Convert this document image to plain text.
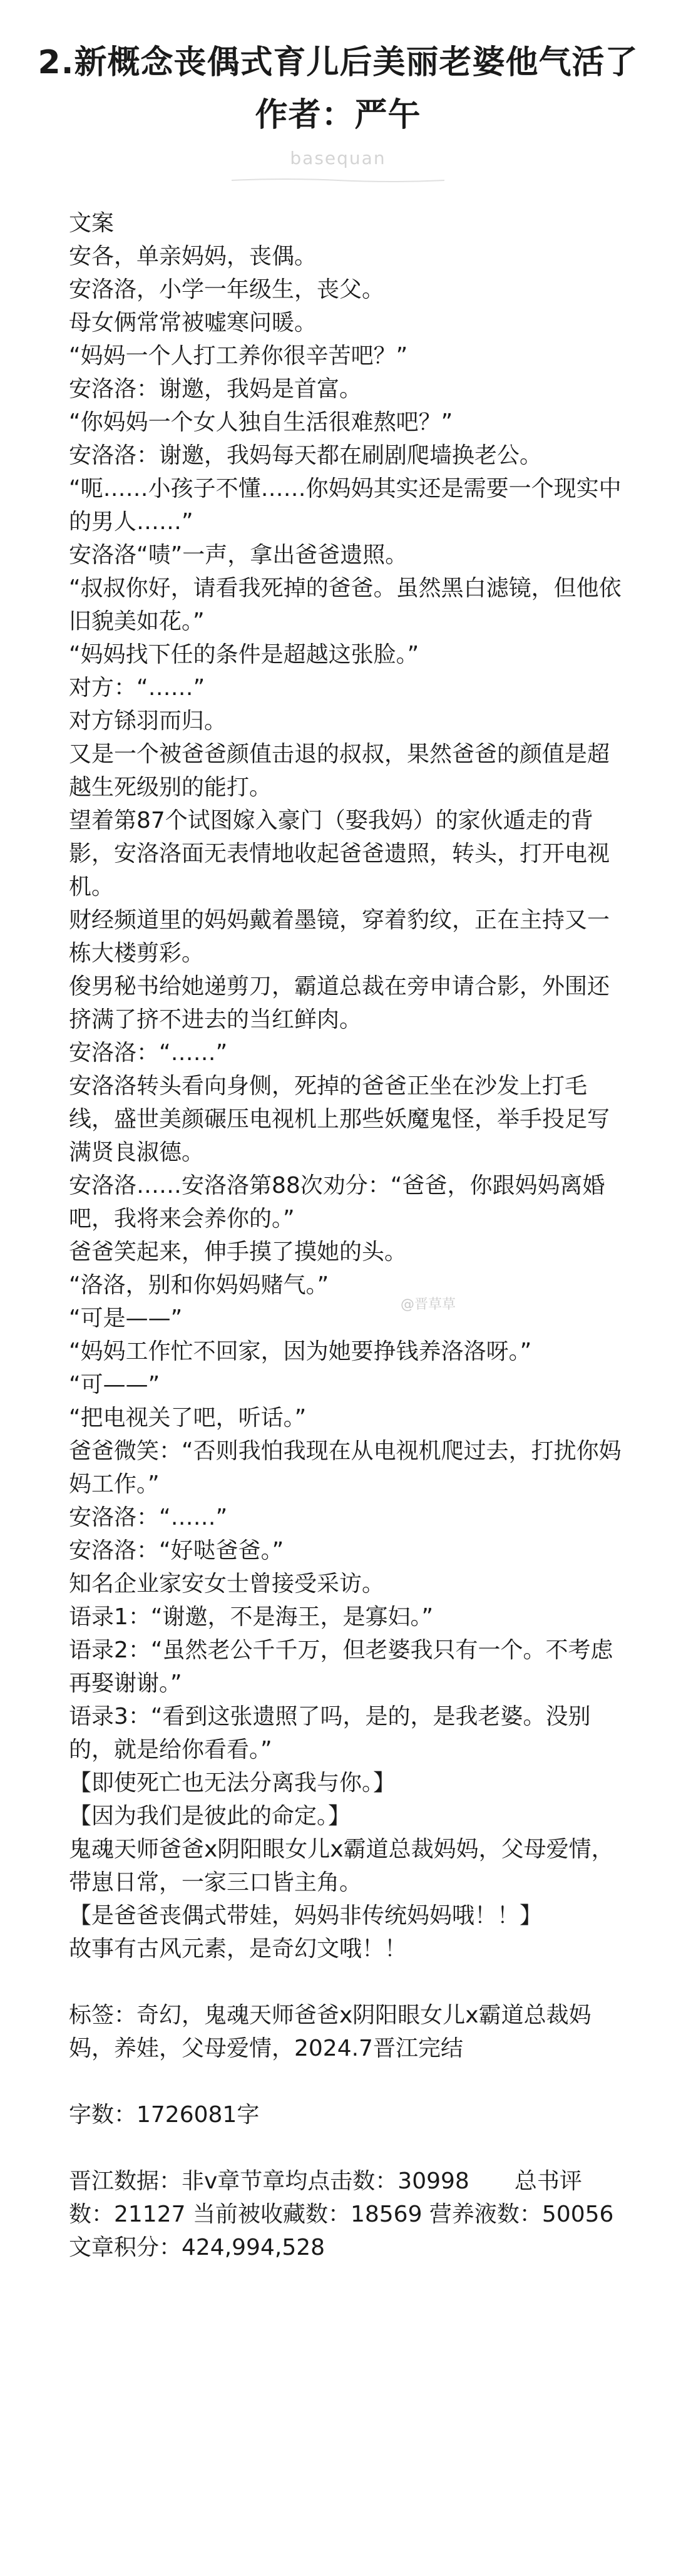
2.新概念丧偶式育儿后美丽老婆他气活了
作者：严午
basequan

文案

安各，单亲妈妈，丧偶。

安洛洛，小学一年级生，丧父。

母女俩常常被嘘寒问暖。

“妈妈一个人打工养你很辛苦吧？”

安洛洛：谢邀，我妈是首富。

“你妈妈一个女人独自生活很难熬吧？”

安洛洛：谢邀，我妈每天都在刷剧爬墙换老公。

“呃……小孩子不懂……你妈妈其实还是需要一个现实中的男人……”

安洛洛“啧”一声，拿出爸爸遗照。

“叔叔你好，请看我死掉的爸爸。虽然黑白滤镜，但他依旧貌美如花。”

“妈妈找下任的条件是超越这张脸。”

对方：“……”

对方铩羽而归。

又是一个被爸爸颜值击退的叔叔，果然爸爸的颜值是超越生死级别的能打。

望着第87个试图嫁入豪门（娶我妈）的家伙遁走的背影，安洛洛面无表情地收起爸爸遗照，转头，打开电视机。

财经频道里的妈妈戴着墨镜，穿着豹纹，正在主持又一栋大楼剪彩。

俊男秘书给她递剪刀，霸道总裁在旁申请合影，外围还挤满了挤不进去的当红鲜肉。

安洛洛：“……”

安洛洛转头看向身侧，死掉的爸爸正坐在沙发上打毛线，盛世美颜碾压电视机上那些妖魔鬼怪，举手投足写满贤良淑德。

安洛洛……安洛洛第88次劝分：“爸爸，你跟妈妈离婚吧，我将来会养你的。”

爸爸笑起来，伸手摸了摸她的头。

“洛洛，别和你妈妈赌气。”

“可是——”

“妈妈工作忙不回家，因为她要挣钱养洛洛呀。”

“可——”

“把电视关了吧，听话。”

爸爸微笑：“否则我怕我现在从电视机爬过去，打扰你妈妈工作。”

安洛洛：“……”

安洛洛：“好哒爸爸。”

知名企业家安女士曾接受采访。

语录1：“谢邀，不是海王，是寡妇。”

语录2：“虽然老公千千万，但老婆我只有一个。不考虑再娶谢谢。”

语录3：“看到这张遗照了吗，是的，是我老婆。没别的，就是给你看看。”

【即使死亡也无法分离我与你。】

【因为我们是彼此的命定。】

鬼魂天师爸爸x阴阳眼女儿x霸道总裁妈妈，父母爱情，带崽日常，一家三口皆主角。

【是爸爸丧偶式带娃，妈妈非传统妈妈哦！！】

故事有古风元素，是奇幻文哦！！

标签：奇幻，鬼魂天师爸爸x阴阳眼女儿x霸道总裁妈妈，养娃，父母爱情，2024.7晋江完结

字数：1726081字

晋江数据：非v章节章均点击数：30998　　总书评数：21127 当前被收藏数：18569 营养液数：50056 文章积分：424,994,528

@晋草草
